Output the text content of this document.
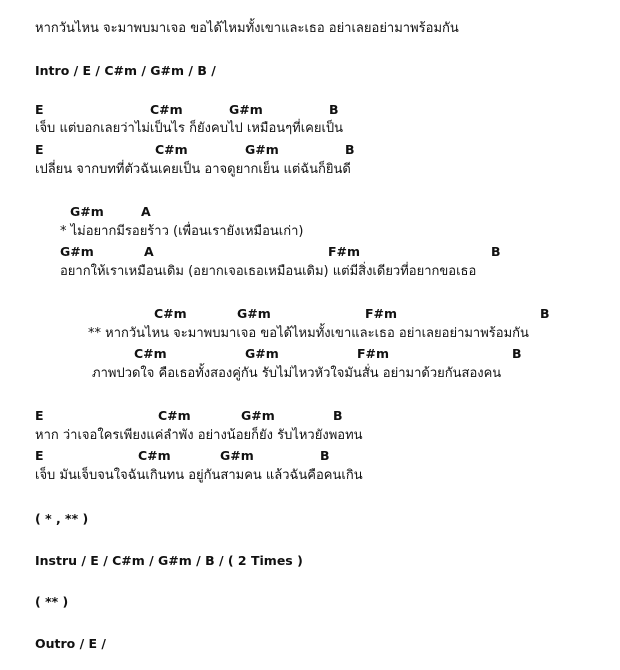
หากวันไหน จะมาพบมาเจอ ขอได้ไหมทั้งเขาและเธอ อย่าเลยอย่ามาพร้อมกัน
Intro / E / C#m / G#m / B /
E	C#m	G#m	B
เจ็บ แต่บอกเลยว่าไม่เป็นไร ก็ยังคบไป เหมือนๆที่เคยเป็น
E	C#m	G#m	B
เปลี่ยน จากบทที่ตัวฉันเคยเป็น อาจดูยากเย็น แต่ฉันก็ยินดี
G#m	A
* ไม่อยากมีรอยร้าว (เพื่อนเรายังเหมือนเก่า)
G#m	A	F#m	B
อยากให้เราเหมือนเดิม (อยากเจอเธอเหมือนเดิม) แต่มีสิ่งเดียวที่อยากขอเธอ
C#m	G#m	F#m	B
** หากวันไหน จะมาพบมาเจอ ขอได้ไหมทั้งเขาและเธอ อย่าเลยอย่ามาพร้อมกัน
C#m	G#m	F#m	B
ภาพปวดใจ คือเธอทั้งสองคู่กัน รับไม่ไหวหัวใจมันสั่น อย่ามาด้วยกันสองคน
E	C#m	G#m	B
หาก ว่าเจอใครเพียงแค่ลำพัง อย่างน้อยก็ยัง รับไหวยังพอทน
E	C#m	G#m	B
เจ็บ มันเจ็บจนใจฉันเกินทน อยู่กันสามคน แล้วฉันคือคนเกิน
( * , ** )
Instru / E / C#m / G#m / B / ( 2 Times )
( ** )
Outro / E /
